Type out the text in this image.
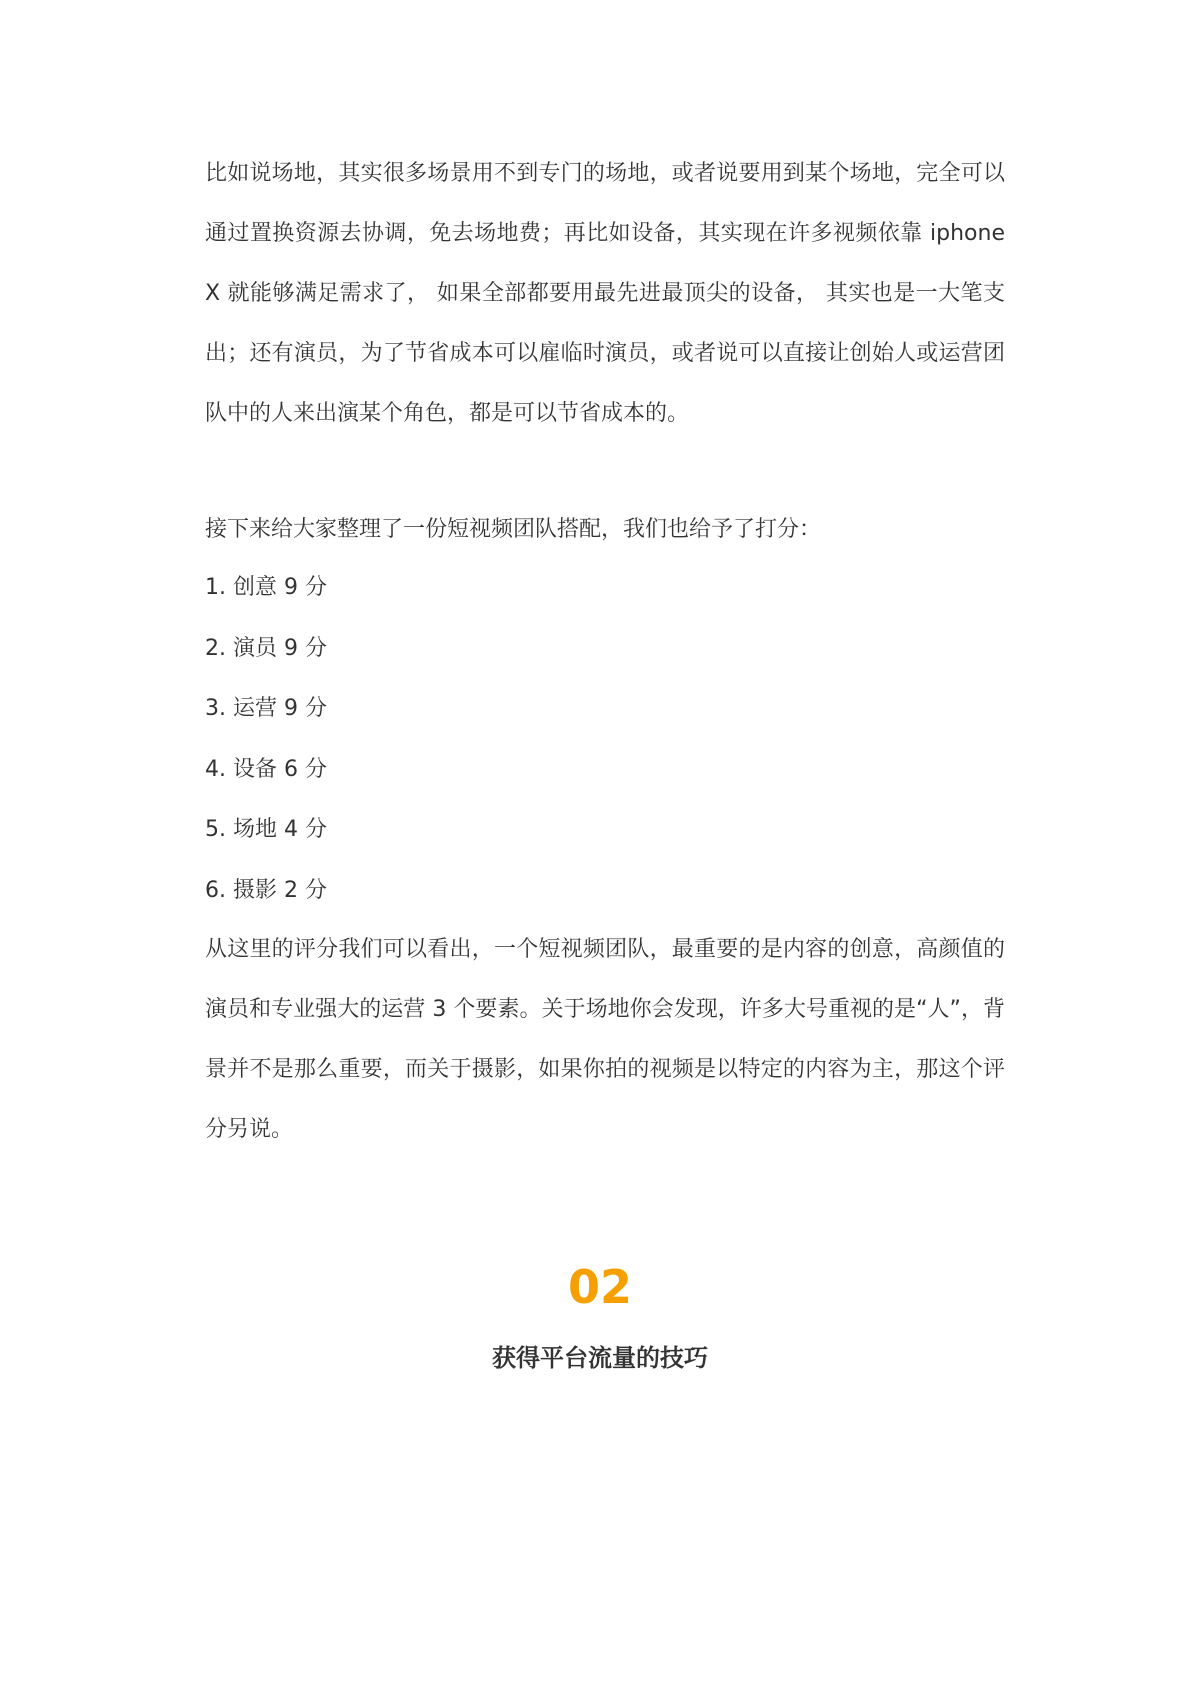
比如说场地，其实很多场景用不到专门的场地，或者说要用到某个场地，完全可以通过置换资源去协调，免去场地费；再比如设备，其实现在许多视频依靠 iphone X 就能够满足需求了， 如果全部都要用最先进最顶尖的设备， 其实也是一大笔支出；还有演员，为了节省成本可以雇临时演员，或者说可以直接让创始人或运营团队中的人来出演某个角色，都是可以节省成本的。

接下来给大家整理了一份短视频团队搭配，我们也给予了打分：

1. 创意 9 分
2. 演员 9 分
3. 运营 9 分
4. 设备 6 分
5. 场地 4 分
6. 摄影 2 分

从这里的评分我们可以看出，一个短视频团队，最重要的是内容的创意，高颜值的演员和专业强大的运营 3 个要素。关于场地你会发现，许多大号重视的是“人”，背景并不是那么重要，而关于摄影，如果你拍的视频是以特定的内容为主，那这个评分另说。

02
获得平台流量的技巧
